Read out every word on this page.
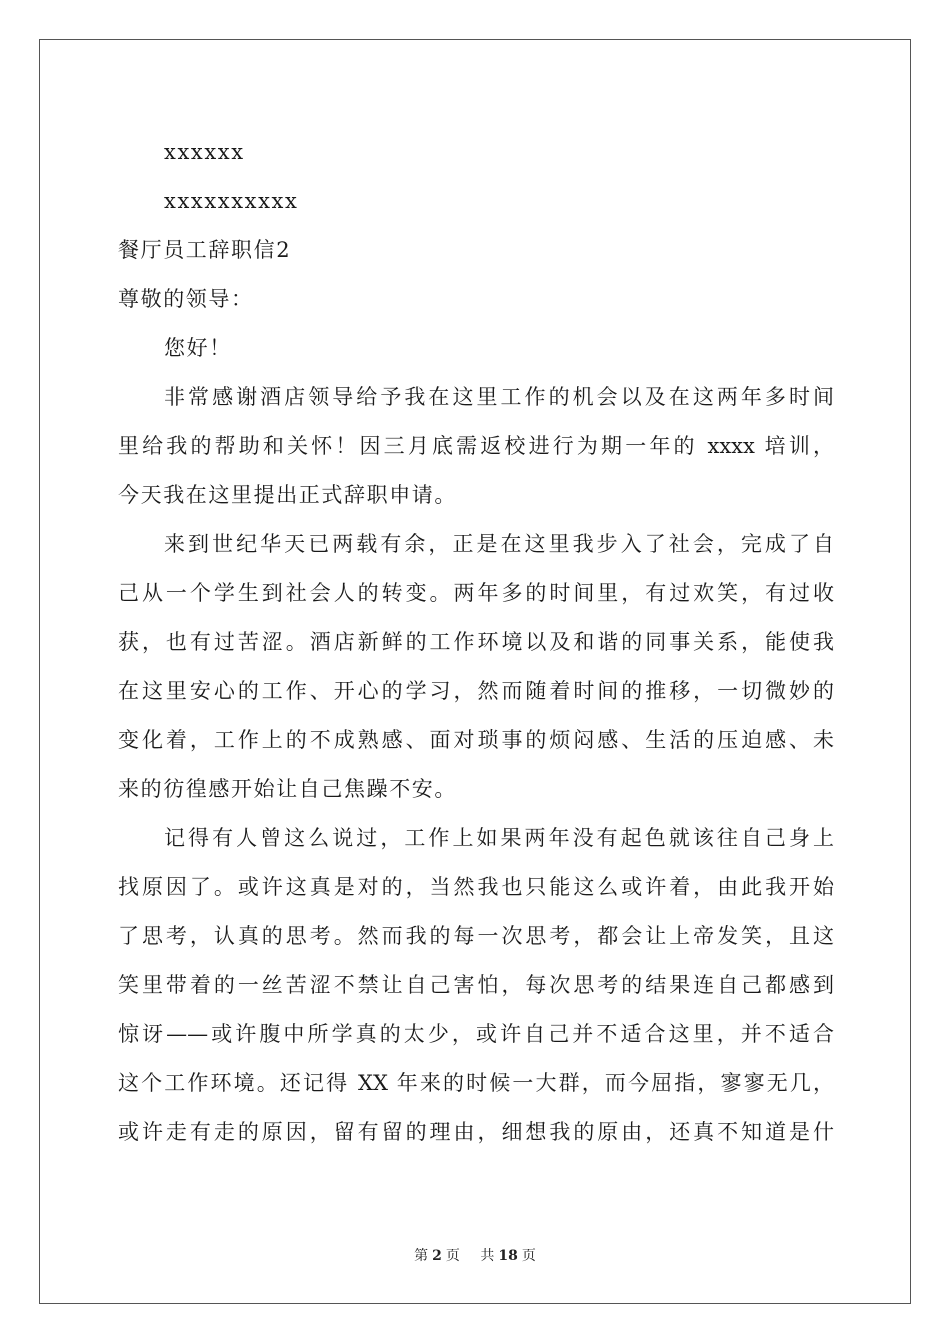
xxxxxx
xxxxxxxxxx
餐厅员工辞职信2
尊敬的领导：
您好！
非常感谢酒店领导给予我在这里工作的机会以及在这两年多时间
里给我的帮助和关怀！因三月底需返校进行为期一年的 xxxx 培训，
今天我在这里提出正式辞职申请。
来到世纪华天已两载有余，正是在这里我步入了社会，完成了自
己从一个学生到社会人的转变。两年多的时间里，有过欢笑，有过收
获，也有过苦涩。酒店新鲜的工作环境以及和谐的同事关系，能使我
在这里安心的工作、开心的学习，然而随着时间的推移，一切微妙的
变化着，工作上的不成熟感、面对琐事的烦闷感、生活的压迫感、未
来的彷徨感开始让自己焦躁不安。
记得有人曾这么说过，工作上如果两年没有起色就该往自己身上
找原因了。或许这真是对的，当然我也只能这么或许着，由此我开始
了思考，认真的思考。然而我的每一次思考，都会让上帝发笑，且这
笑里带着的一丝苦涩不禁让自己害怕，每次思考的结果连自己都感到
惊讶——或许腹中所学真的太少，或许自己并不适合这里，并不适合
这个工作环境。还记得 XX 年来的时候一大群，而今屈指，寥寥无几，
或许走有走的原因，留有留的理由，细想我的原由，还真不知道是什
第 2 页 共 18 页
